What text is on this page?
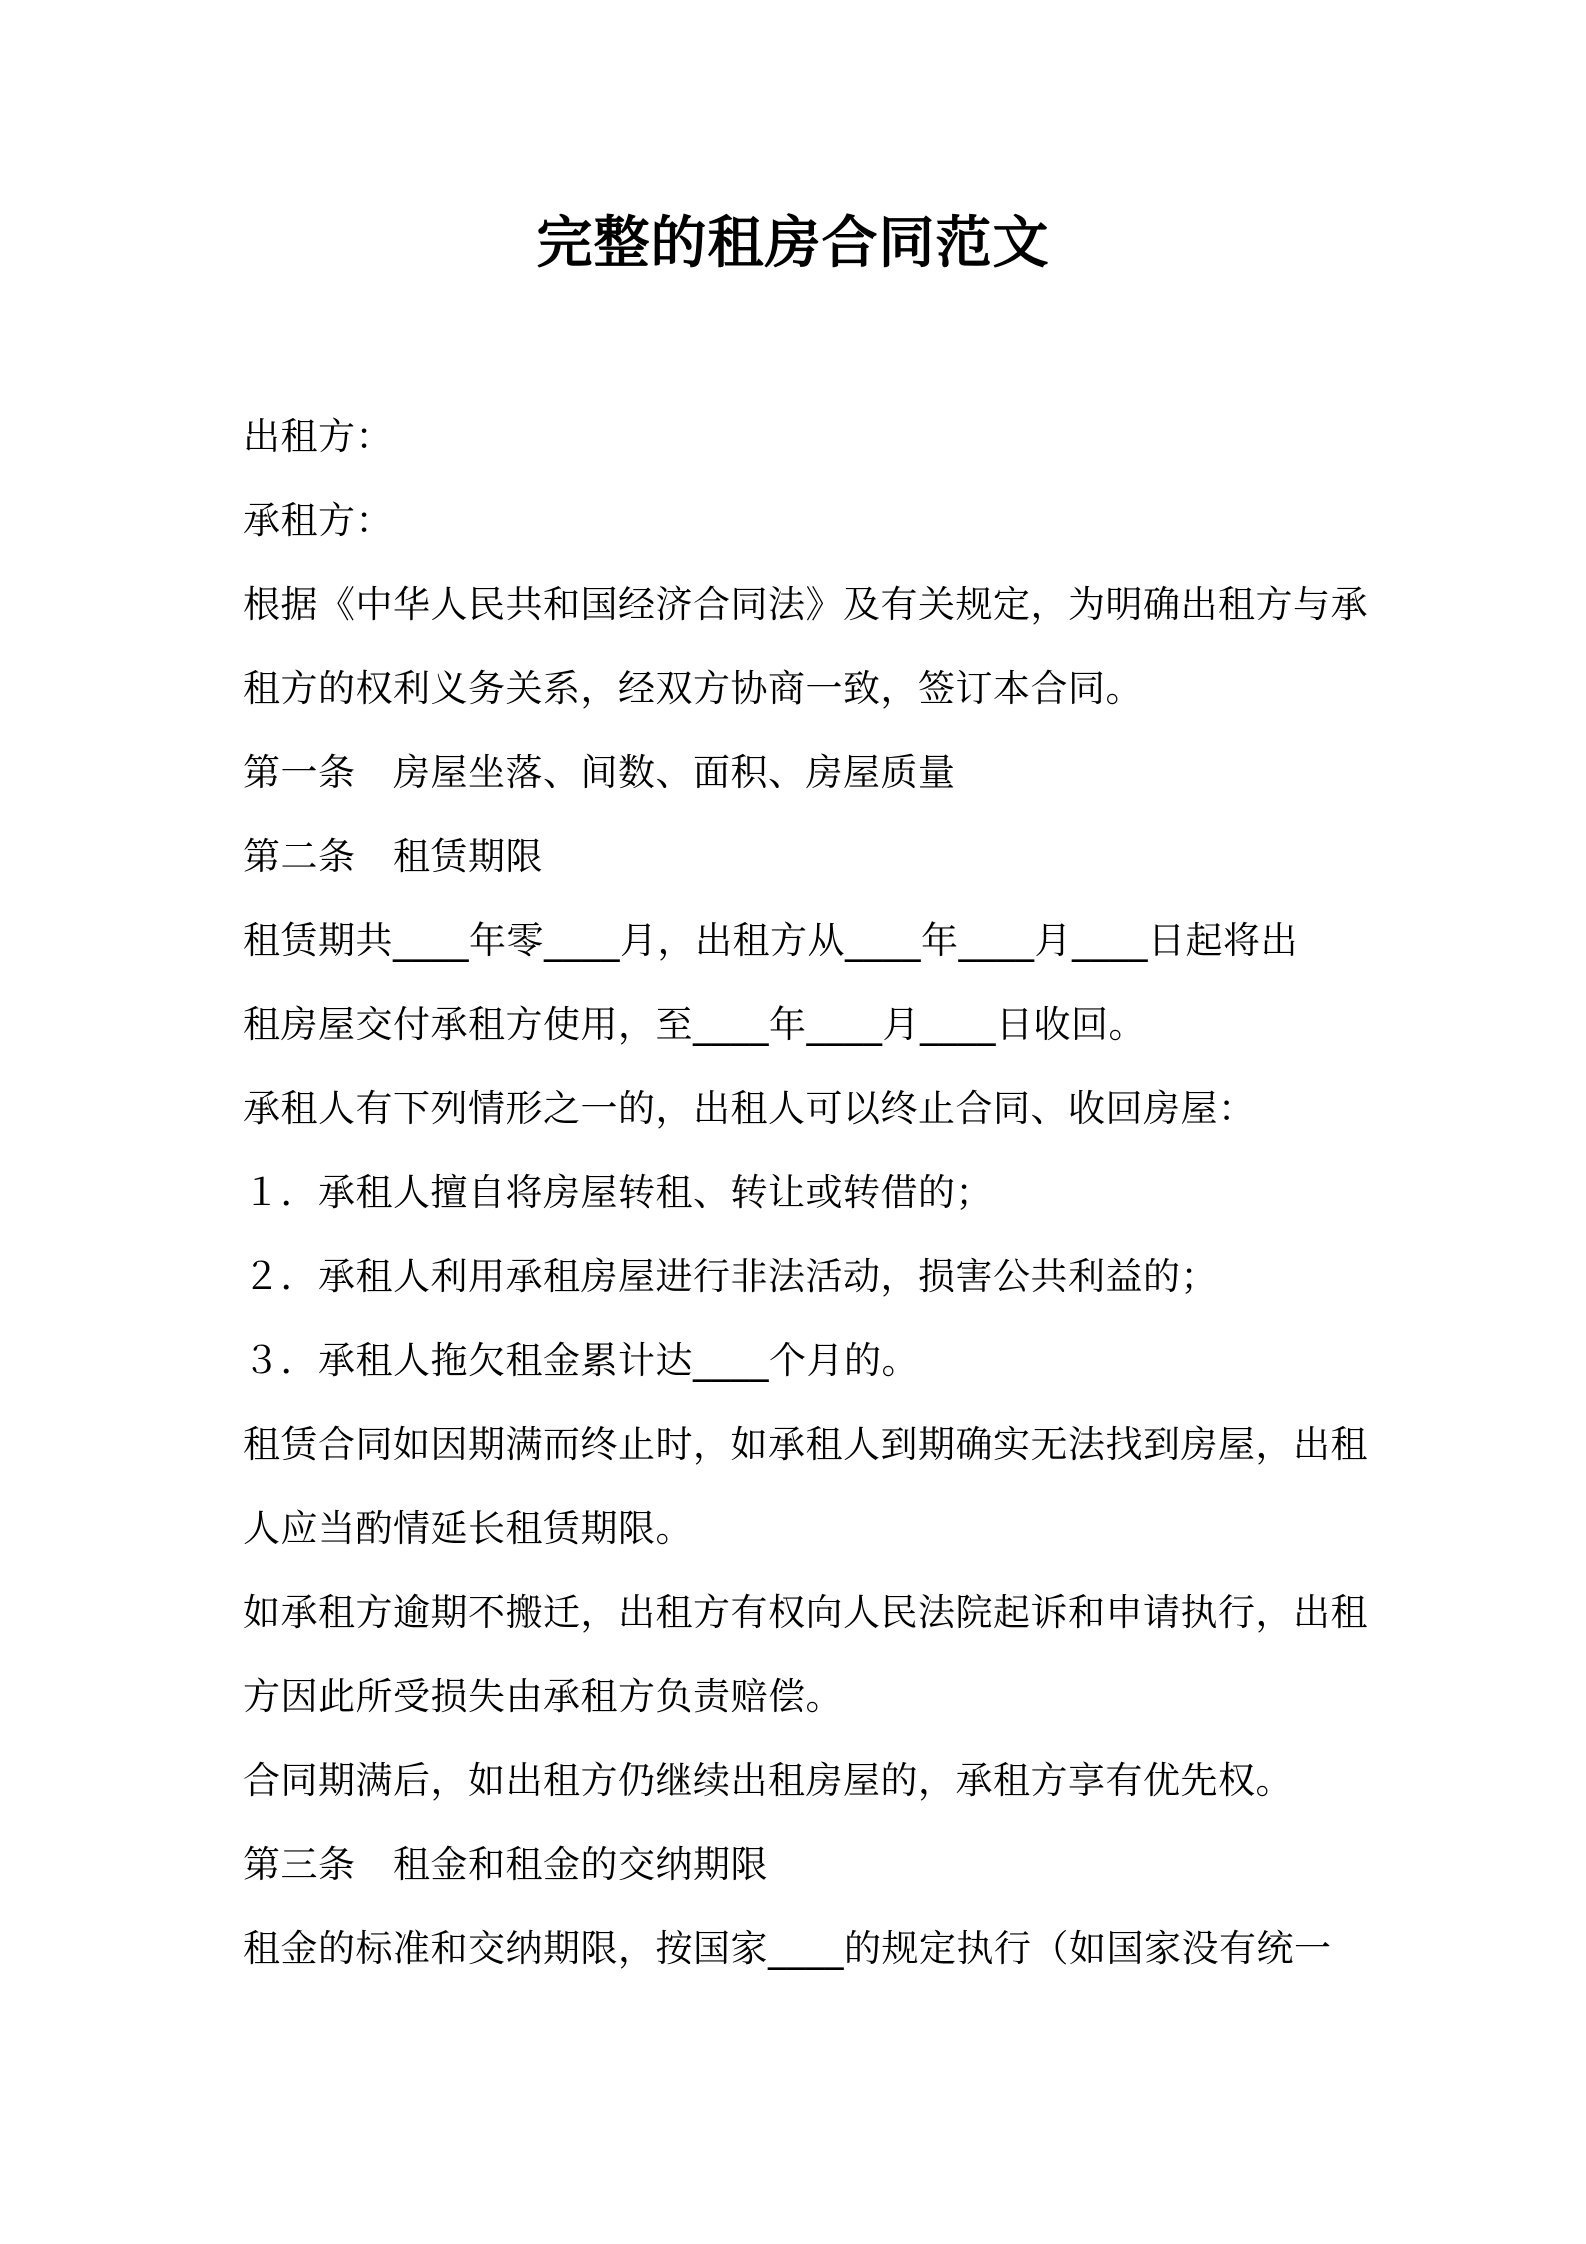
完整的租房合同范文
出租方：
承租方：
根据《中华人民共和国经济合同法》及有关规定，为明确出租方与承
租方的权利义务关系，经双方协商一致，签订本合同。
第一条　房屋坐落、间数、面积、房屋质量
第二条　租赁期限
租赁期共____年零____月，出租方从____年____月____日起将出
租房屋交付承租方使用，至____年____月____日收回。
承租人有下列情形之一的，出租人可以终止合同、收回房屋：
１．承租人擅自将房屋转租、转让或转借的；
２．承租人利用承租房屋进行非法活动，损害公共利益的；
３．承租人拖欠租金累计达____个月的。
租赁合同如因期满而终止时，如承租人到期确实无法找到房屋，出租
人应当酌情延长租赁期限。
如承租方逾期不搬迁，出租方有权向人民法院起诉和申请执行，出租
方因此所受损失由承租方负责赔偿。
合同期满后，如出租方仍继续出租房屋的，承租方享有优先权。
第三条　租金和租金的交纳期限
租金的标准和交纳期限，按国家____的规定执行（如国家没有统一
